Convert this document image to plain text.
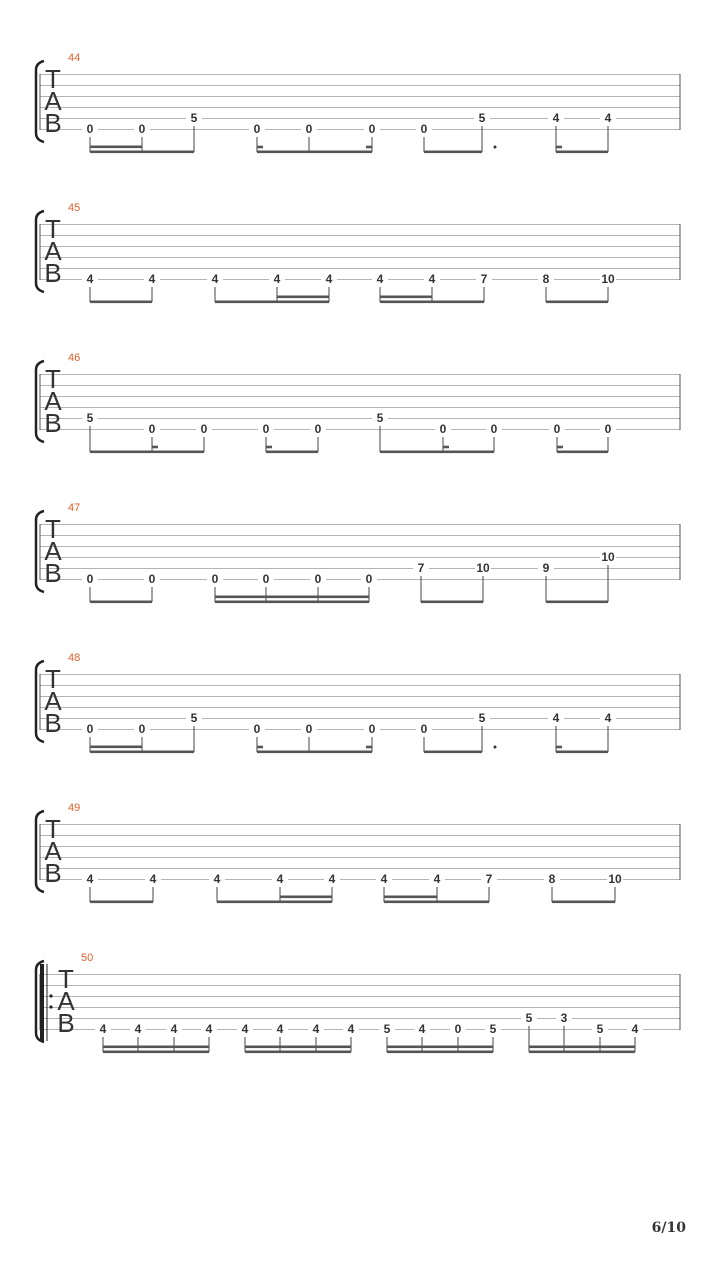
T
A
B
44
0	0
5
0	0	0	0
5	4	4
T
A
B
45
4	4	4	4	4	4	4	7	8	10
T
A
B
46
5
0	0	0	0
5
0	0	0	0
T
A
B
47
0	0	0	0	0	0
7	10	9
10
T
A
B
48
0	0
5
0	0	0	0
5	4	4
T
A
B
49
4	4	4	4	4	4	4	7	8	10
T
A
B
50
4 4 4 4 4 4 4 4 5 4 0 5
5 3
5 4
6/10
